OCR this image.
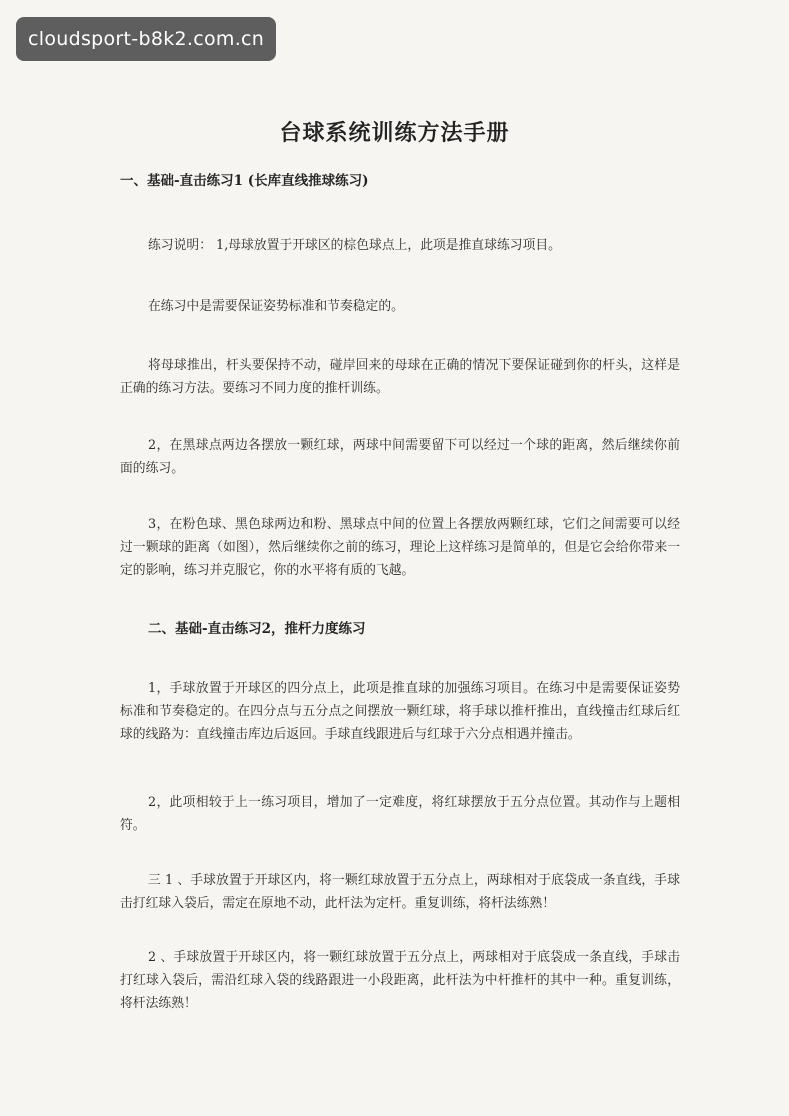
cloudsport-b8k2.com.cn
台球系统训练方法手册
一、基础-直击练习1 (长库直线推球练习)
练习说明： 1,母球放置于开球区的棕色球点上，此项是推直球练习项目。
在练习中是需要保证姿势标准和节奏稳定的。
将母球推出，杆头要保持不动，碰岸回来的母球在正确的情况下要保证碰到你的杆头，这样是正确的练习方法。要练习不同力度的推杆训练。
2，在黑球点两边各摆放一颗红球，两球中间需要留下可以经过一个球的距离，然后继续你前面的练习。
3，在粉色球、黑色球两边和粉、黑球点中间的位置上各摆放两颗红球，它们之间需要可以经过一颗球的距离（如图），然后继续你之前的练习，理论上这样练习是简单的，但是它会给你带来一定的影响，练习并克服它，你的水平将有质的飞越。
二、基础-直击练习2，推杆力度练习
1，手球放置于开球区的四分点上，此项是推直球的加强练习项目。在练习中是需要保证姿势标准和节奏稳定的。在四分点与五分点之间摆放一颗红球，将手球以推杆推出，直线撞击红球后红球的线路为：直线撞击库边后返回。手球直线跟进后与红球于六分点相遇并撞击。
2，此项相较于上一练习项目，增加了一定难度，将红球摆放于五分点位置。其动作与上题相符。
三 1 、手球放置于开球区内，将一颗红球放置于五分点上，两球相对于底袋成一条直线，手球击打红球入袋后，需定在原地不动，此杆法为定杆。重复训练，将杆法练熟！
2 、手球放置于开球区内，将一颗红球放置于五分点上，两球相对于底袋成一条直线，手球击打红球入袋后，需沿红球入袋的线路跟进一小段距离，此杆法为中杆推杆的其中一种。重复训练，将杆法练熟！
